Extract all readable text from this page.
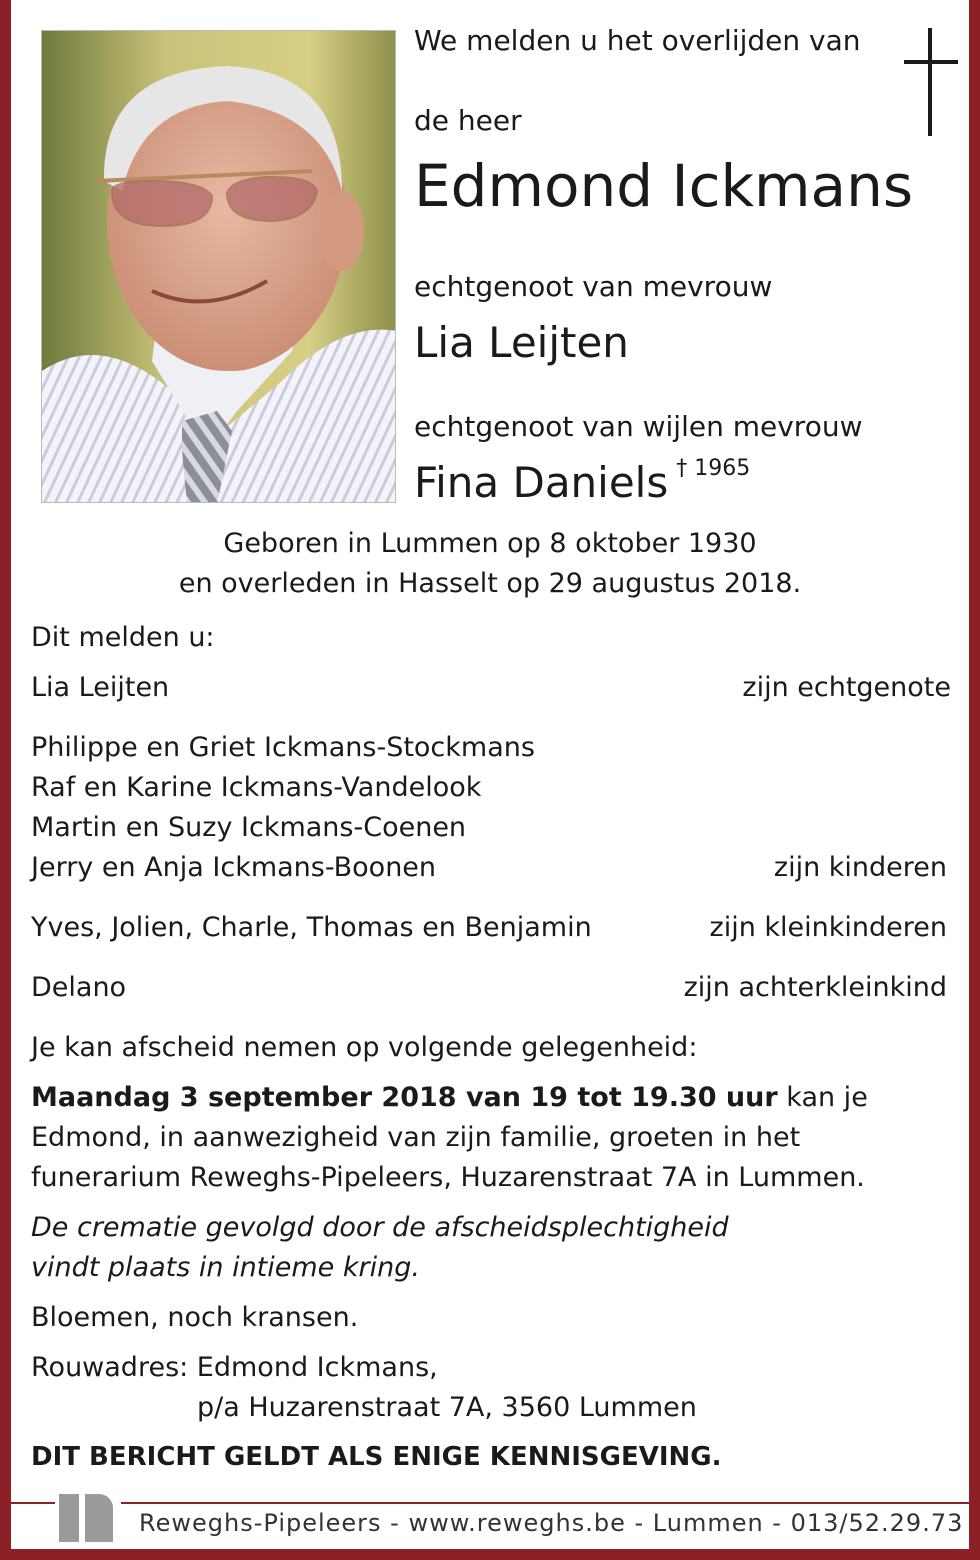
We melden u het overlijden van
de heer
Edmond Ickmans
echtgenoot van mevrouw
Lia Leijten
echtgenoot van wijlen mevrouw
Fina Daniels $^{\dagger 1965}$
Geboren in Lummen op 8 oktober 1930
en overleden in Hasselt op 29 augustus 2018.
Dit melden u:
Lia Leijten	zijn echtgenote
Philippe en Griet Ickmans-Stockmans
Raf en Karine Ickmans-Vandelook
Martin en Suzy Ickmans-Coenen
Jerry en Anja Ickmans-Boonen	zijn kinderen
Yves, Jolien, Charle, Thomas en Benjamin	zijn kleinkinderen
Delano	zijn achterkleinkind
Je kan afscheid nemen op volgende gelegenheid:
Maandag 3 september 2018 van 19 tot 19.30 uur kan je
Edmond, in aanwezigheid van zijn familie, groeten in het
funerarium Reweghs-Pipeleers, Huzarenstraat 7A in Lummen.
De crematie gevolgd door de afscheidsplechtigheid
vindt plaats in intieme kring.
Bloemen, noch kransen.
Rouwadres: Edmond Ickmans,
p/a Huzarenstraat 7A, 3560 Lummen
DIT BERICHT GELDT ALS ENIGE KENNISGEVING.
Reweghs-Pipeleers - www.reweghs.be - Lummen - 013/52.29.73
